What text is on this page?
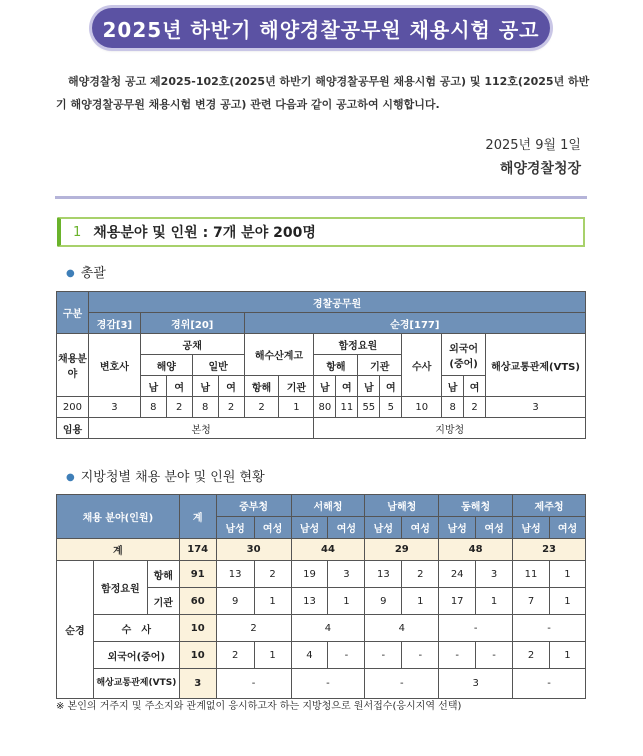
2025년 하반기 해양경찰공무원 채용시험 공고
해양경찰청 공고 제2025-102호(2025년 하반기 해양경찰공무원 채용시험 공고) 및 112호(2025년 하반기 해양경찰공무원 채용시험 변경 공고) 관련 다음과 같이 공고하여 시행합니다.
2025년 9월 1일
해양경찰청장
1 채용분야 및 인원 : 7개 분야 200명
● 총괄
구분	경찰공무원														
	경감[3]	경위[20]				순경[177]									
채용분야	변호사	공채				해수산계고		함정요원				수사	외국어(중어)		해상교통관제(VTS)
		해양		일반				항해		기관					
		남	여	남	여	항해	기관	남	여	남	여		남	여	
200	3	8	2	8	2	2	1	80	11	55	5	10	8	2	3
임용	본청							지방청							
● 지방청별 채용 분야 및 인원 현황
채용 분야(인원)			계	중부청		서해청		남해청		동해청		제주청	
				남성	여성	남성	여성	남성	여성	남성	여성	남성	여성
계			174	30		44		29		48		23	
순경	함정요원	항해	91	13	2	19	3	13	2	24	3	11	1
		기관	60	9	1	13	1	9	1	17	1	7	1
	수　사		10	2		4		4		-		-	
	외국어(중어)		10	2	1	4	-	-	-	-	-	2	1
	해상교통관제(VTS)		3	-		-		-		3		-	
※ 본인의 거주지 및 주소지와 관계없이 응시하고자 하는 지방청으로 원서접수(응시지역 선택)
